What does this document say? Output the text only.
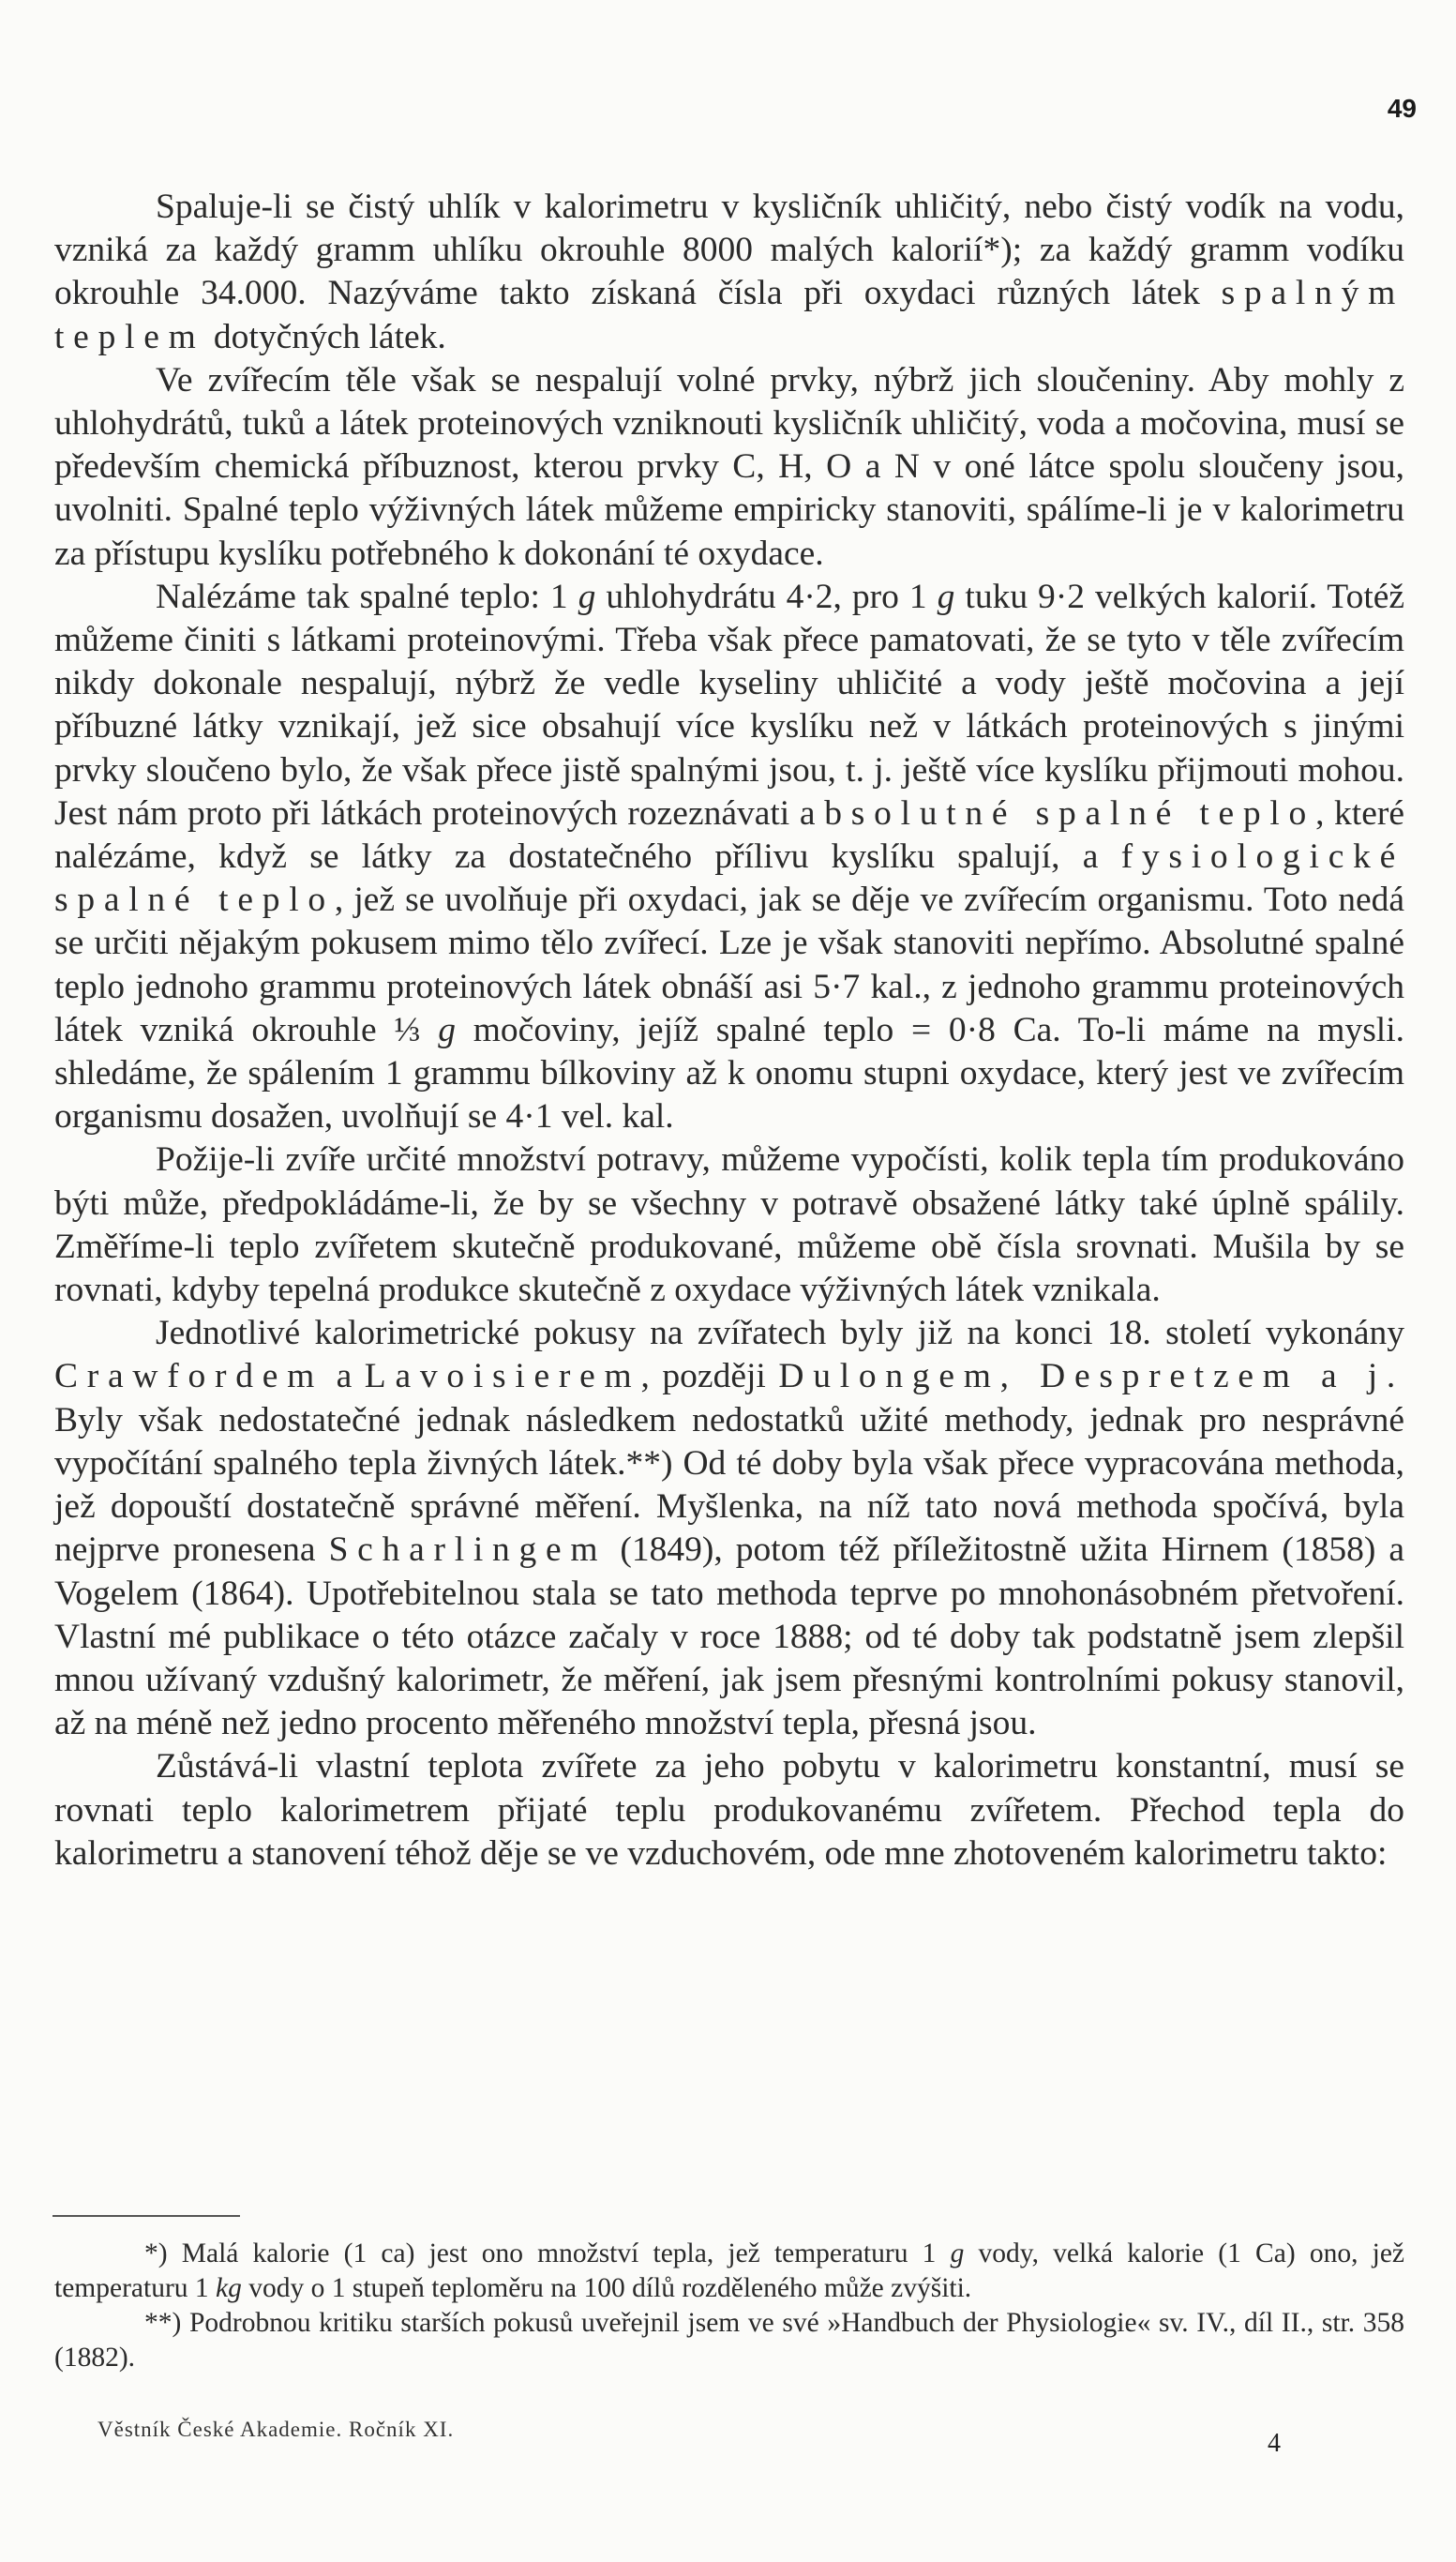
49

Spaluje-li se čistý uhlík v kalorimetru v kysličník uhličitý, nebo čistý vodík na vodu, vzniká za každý gramm uhlíku okrouhle 8000 malých kalorií*); za každý gramm vodíku okrouhle 34.000. Nazýváme takto získaná čísla při oxydaci různých látek spalným teplem dotyčných látek.

Ve zvířecím těle však se nespalují volné prvky, nýbrž jich sloučeniny. Aby mohly z uhlohydrátů, tuků a látek proteinových vzniknouti kysličník uhličitý, voda a močovina, musí se především chemická příbuznost, kterou prvky C, H, O a N v oné látce spolu sloučeny jsou, uvolniti. Spalné teplo výživných látek můžeme empiricky stanoviti, spálíme-li je v kalorimetru za přístupu kyslíku potřebného k dokonání té oxydace.

Nalézáme tak spalné teplo: 1 g uhlohydrátu 4·2, pro 1 g tuku 9·2 velkých kalorií. Totéž můžeme činiti s látkami proteinovými. Třeba však přece pamatovati, že se tyto v těle zvířecím nikdy dokonale nespalují, nýbrž že vedle kyseliny uhličité a vody ještě močovina a její příbuzné látky vznikají, jež sice obsahují více kyslíku než v látkách proteinových s jinými prvky sloučeno bylo, že však přece jistě spalnými jsou, t. j. ještě více kyslíku přijmouti mohou. Jest nám proto při látkách proteinových rozeznávati absolutné spalné teplo, které nalézáme, když se látky za dostatečného přílivu kyslíku spalují, a fysiologické spalné teplo, jež se uvolňuje při oxydaci, jak se děje ve zvířecím organismu. Toto nedá se určiti nějakým pokusem mimo tělo zvířecí. Lze je však stanoviti nepřímo. Absolutné spalné teplo jednoho grammu proteinových látek obnáší asi 5·7 kal., z jednoho grammu proteinových látek vzniká okrouhle ⅓ g močoviny, jejíž spalné teplo = 0·8 Ca. To-li máme na mysli. shledáme, že spálením 1 grammu bílkoviny až k onomu stupni oxydace, který jest ve zvířecím organismu dosažen, uvolňují se 4·1 vel. kal.

Požije-li zvíře určité množství potravy, můžeme vypočísti, kolik tepla tím produkováno býti může, předpokládáme-li, že by se všechny v potravě obsažené látky také úplně spálily. Změříme-li teplo zvířetem skutečně produkované, můžeme obě čísla srovnati. Mušila by se rovnati, kdyby tepelná produkce skutečně z oxydace výživných látek vznikala.

Jednotlivé kalorimetrické pokusy na zvířatech byly již na konci 18. století vykonány Crawfordem a Lavoisierem, později Dulongem, Despretzem a j. Byly však nedostatečné jednak následkem nedostatků užité methody, jednak pro nesprávné vypočítání spalného tepla živných látek.**) Od té doby byla však přece vypracována methoda, jež dopouští dostatečně správné měření. Myšlenka, na níž tato nová methoda spočívá, byla nejprve pronesena Scharlingem (1849), potom též příležitostně užita Hirnem (1858) a Vogelem (1864). Upotřebitelnou stala se tato methoda teprve po mnohonásobném přetvoření. Vlastní mé publikace o této otázce začaly v roce 1888; od té doby tak podstatně jsem zlepšil mnou užívaný vzdušný kalorimetr, že měření, jak jsem přesnými kontrolními pokusy stanovil, až na méně než jedno procento měřeného množství tepla, přesná jsou.

Zůstává-li vlastní teplota zvířete za jeho pobytu v kalorimetru konstantní, musí se rovnati teplo kalorimetrem přijaté teplu produkovanému zvířetem. Přechod tepla do kalorimetru a stanovení téhož děje se ve vzduchovém, ode mne zhotoveném kalorimetru takto:

*) Malá kalorie (1 ca) jest ono množství tepla, jež temperaturu 1 g vody, velká kalorie (1 Ca) ono, jež temperaturu 1 kg vody o 1 stupeň teploměru na 100 dílů rozděleného může zvýšiti.

**) Podrobnou kritiku starších pokusů uveřejnil jsem ve své »Handbuch der Physiologie« sv. IV., díl II., str. 358 (1882).

Věstník České Akademie. Ročník XI.	4
